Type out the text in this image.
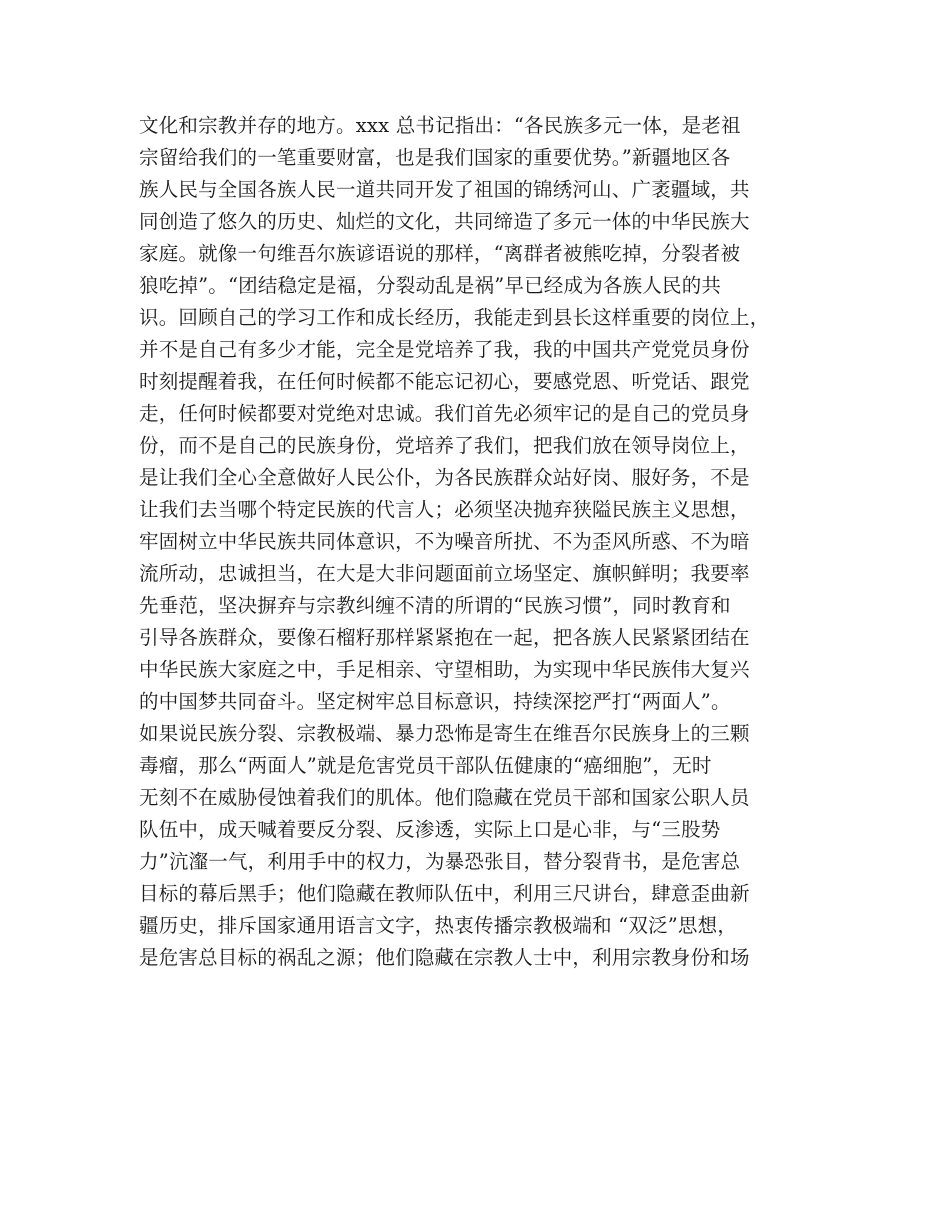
文化和宗教并存的地方。xxx 总书记指出：“各民族多元一体，是老祖
宗留给我们的一笔重要财富，也是我们国家的重要优势。”新疆地区各
族人民与全国各族人民一道共同开发了祖国的锦绣河山、广袤疆域，共
同创造了悠久的历史、灿烂的文化，共同缔造了多元一体的中华民族大
家庭。就像一句维吾尔族谚语说的那样，“离群者被熊吃掉，分裂者被
狼吃掉”。“团结稳定是福，分裂动乱是祸”早已经成为各族人民的共
识。回顾自己的学习工作和成长经历，我能走到县长这样重要的岗位上，
并不是自己有多少才能，完全是党培养了我，我的中国共产党党员身份
时刻提醒着我，在任何时候都不能忘记初心，要感党恩、听党话、跟党
走，任何时候都要对党绝对忠诚。我们首先必须牢记的是自己的党员身
份，而不是自己的民族身份，党培养了我们，把我们放在领导岗位上，
是让我们全心全意做好人民公仆，为各民族群众站好岗、服好务，不是
让我们去当哪个特定民族的代言人；必须坚决抛弃狭隘民族主义思想，
牢固树立中华民族共同体意识，不为噪音所扰、不为歪风所惑、不为暗
流所动，忠诚担当，在大是大非问题面前立场坚定、旗帜鲜明；我要率
先垂范，坚决摒弃与宗教纠缠不清的所谓的“民族习惯”，同时教育和
引导各族群众，要像石榴籽那样紧紧抱在一起，把各族人民紧紧团结在
中华民族大家庭之中，手足相亲、守望相助，为实现中华民族伟大复兴
的中国梦共同奋斗。坚定树牢总目标意识，持续深挖严打“两面人”。
如果说民族分裂、宗教极端、暴力恐怖是寄生在维吾尔民族身上的三颗
毒瘤，那么“两面人”就是危害党员干部队伍健康的“癌细胞”，无时
无刻不在威胁侵蚀着我们的肌体。他们隐藏在党员干部和国家公职人员
队伍中，成天喊着要反分裂、反渗透，实际上口是心非，与“三股势
力”沆瀣一气，利用手中的权力，为暴恐张目，替分裂背书，是危害总
目标的幕后黑手；他们隐藏在教师队伍中，利用三尺讲台，肆意歪曲新
疆历史，排斥国家通用语言文字，热衷传播宗教极端和 “双泛”思想，
是危害总目标的祸乱之源；他们隐藏在宗教人士中，利用宗教身份和场
